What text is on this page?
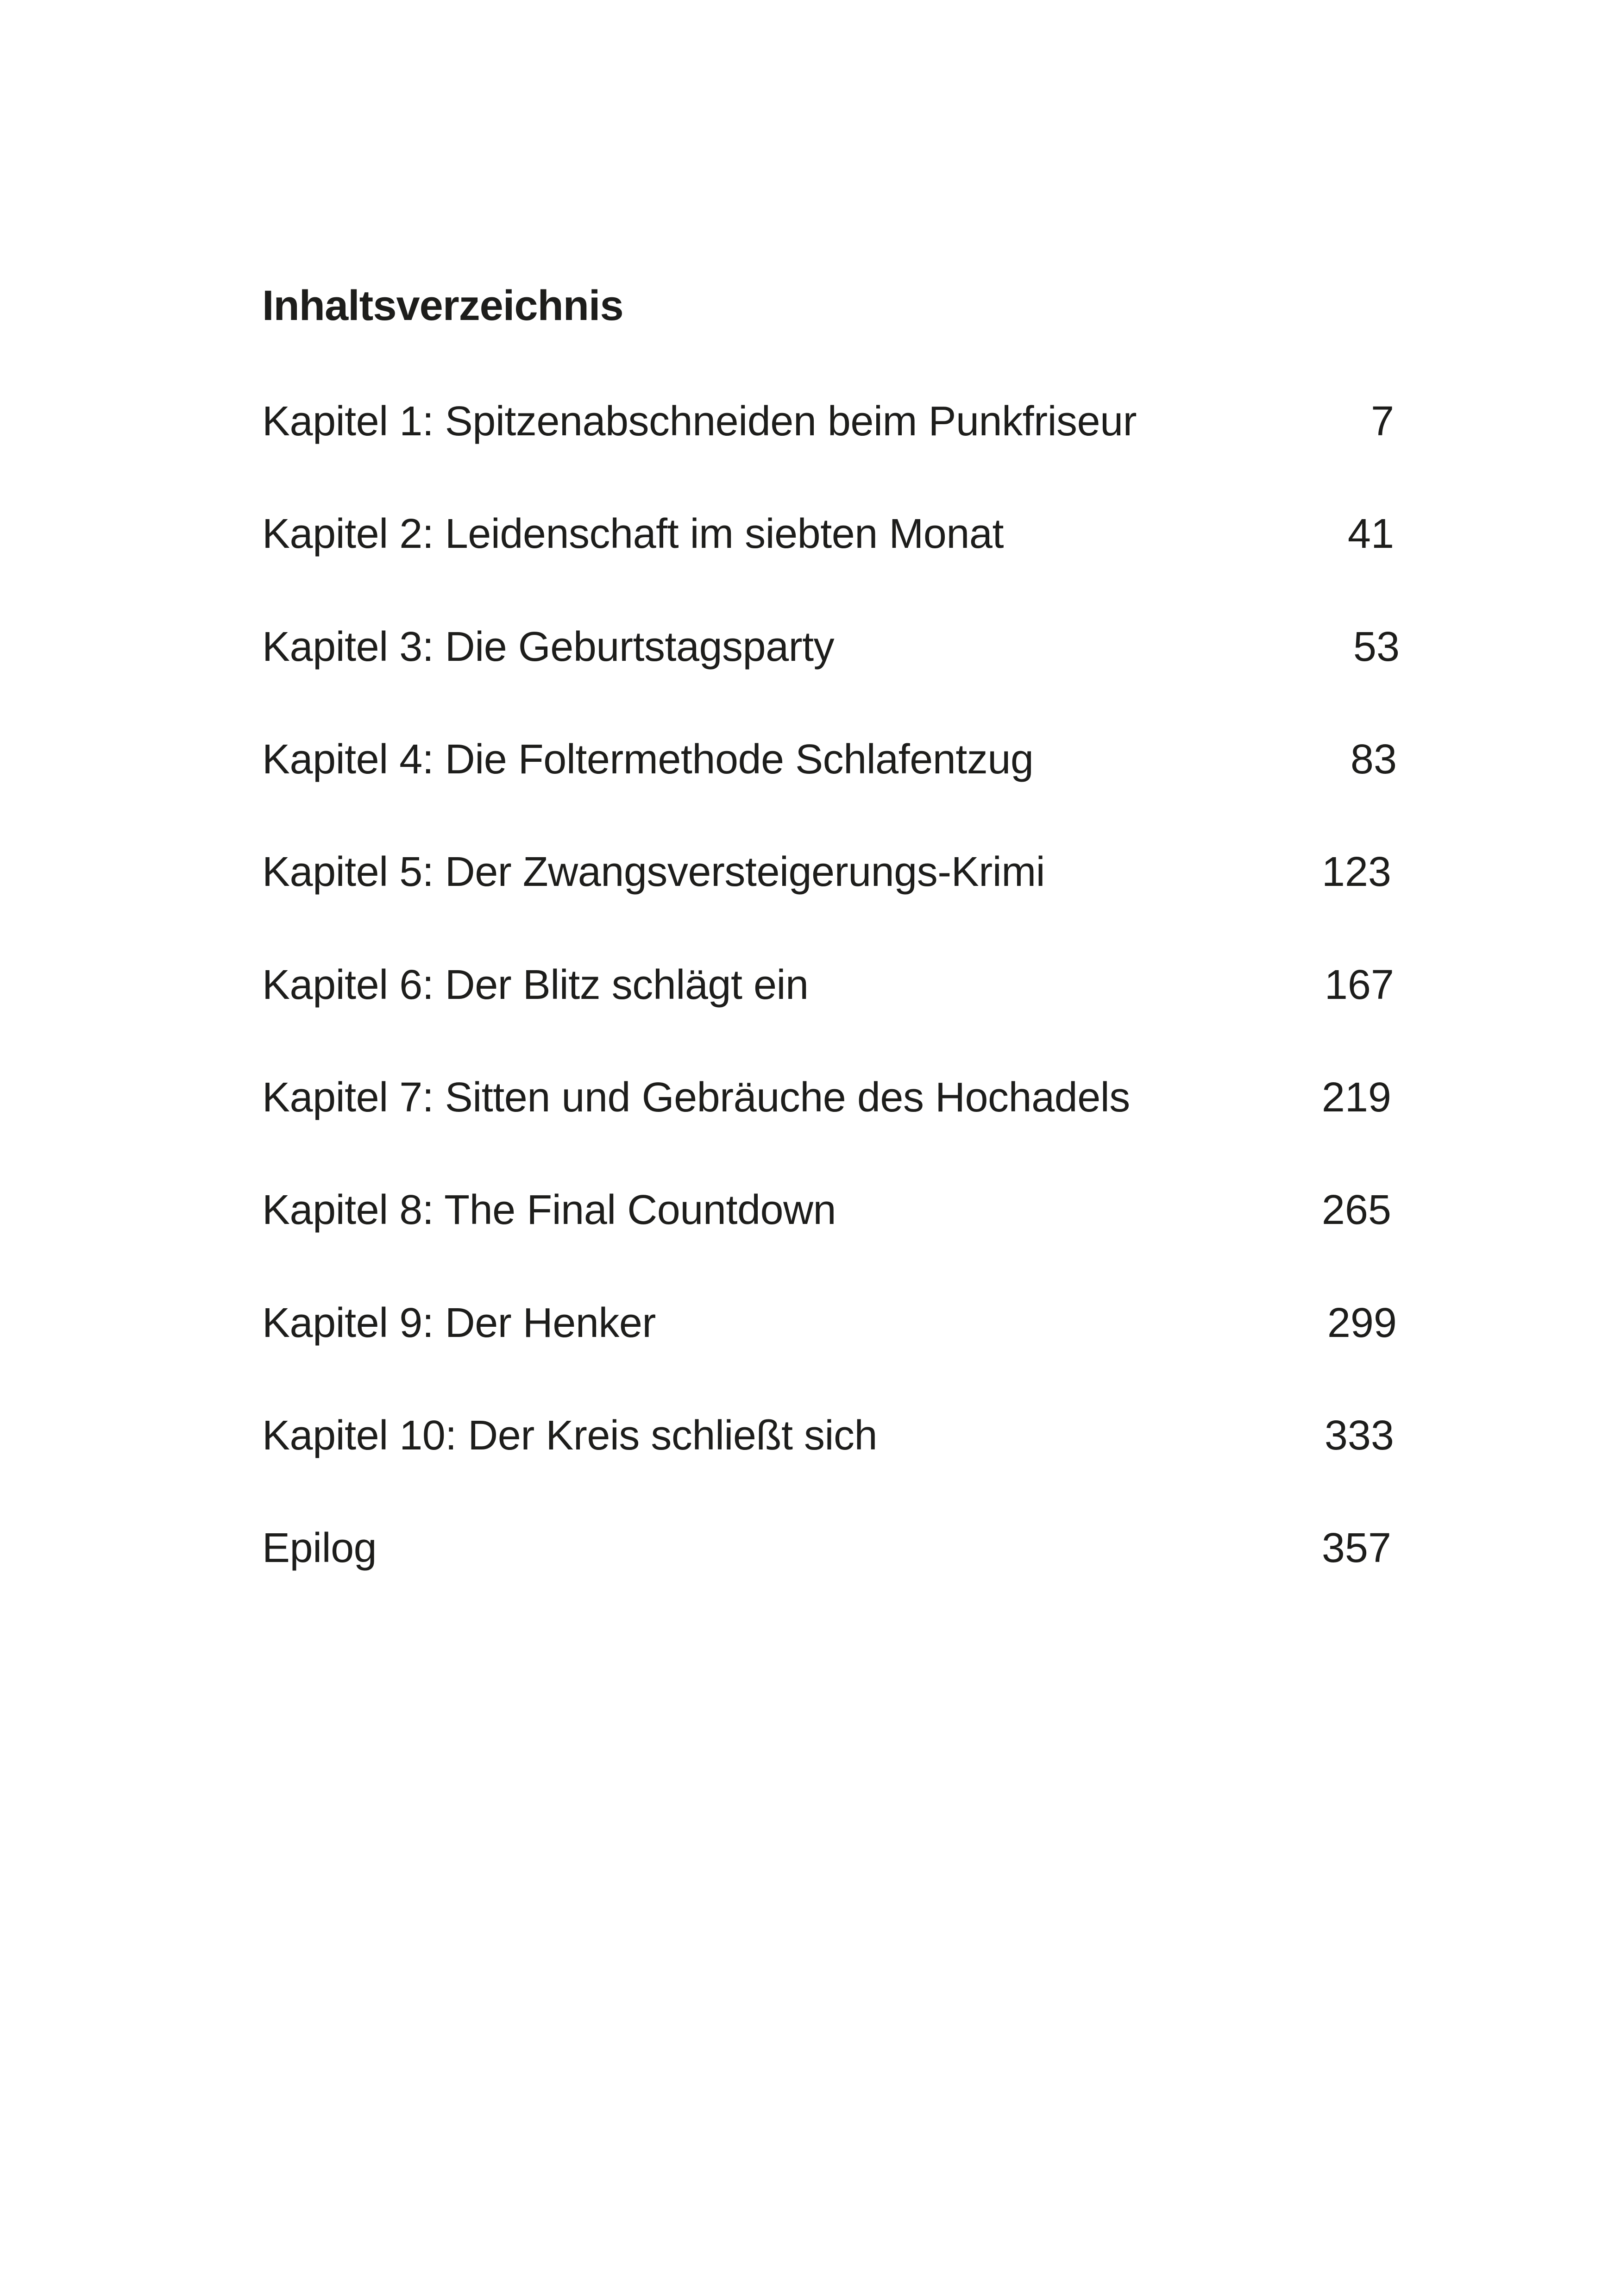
Inhaltsverzeichnis
Kapitel 1: Spitzenabschneiden beim Punkfriseur	7
Kapitel 2: Leidenschaft im siebten Monat	41
Kapitel 3: Die Geburtstagsparty	53
Kapitel 4: Die Foltermethode Schlafentzug	83
Kapitel 5: Der Zwangsversteigerungs-Krimi	123
Kapitel 6: Der Blitz schlägt ein	167
Kapitel 7: Sitten und Gebräuche des Hochadels	219
Kapitel 8: The Final Countdown	265
Kapitel 9: Der Henker	299
Kapitel 10: Der Kreis schließt sich	333
Epilog	357
